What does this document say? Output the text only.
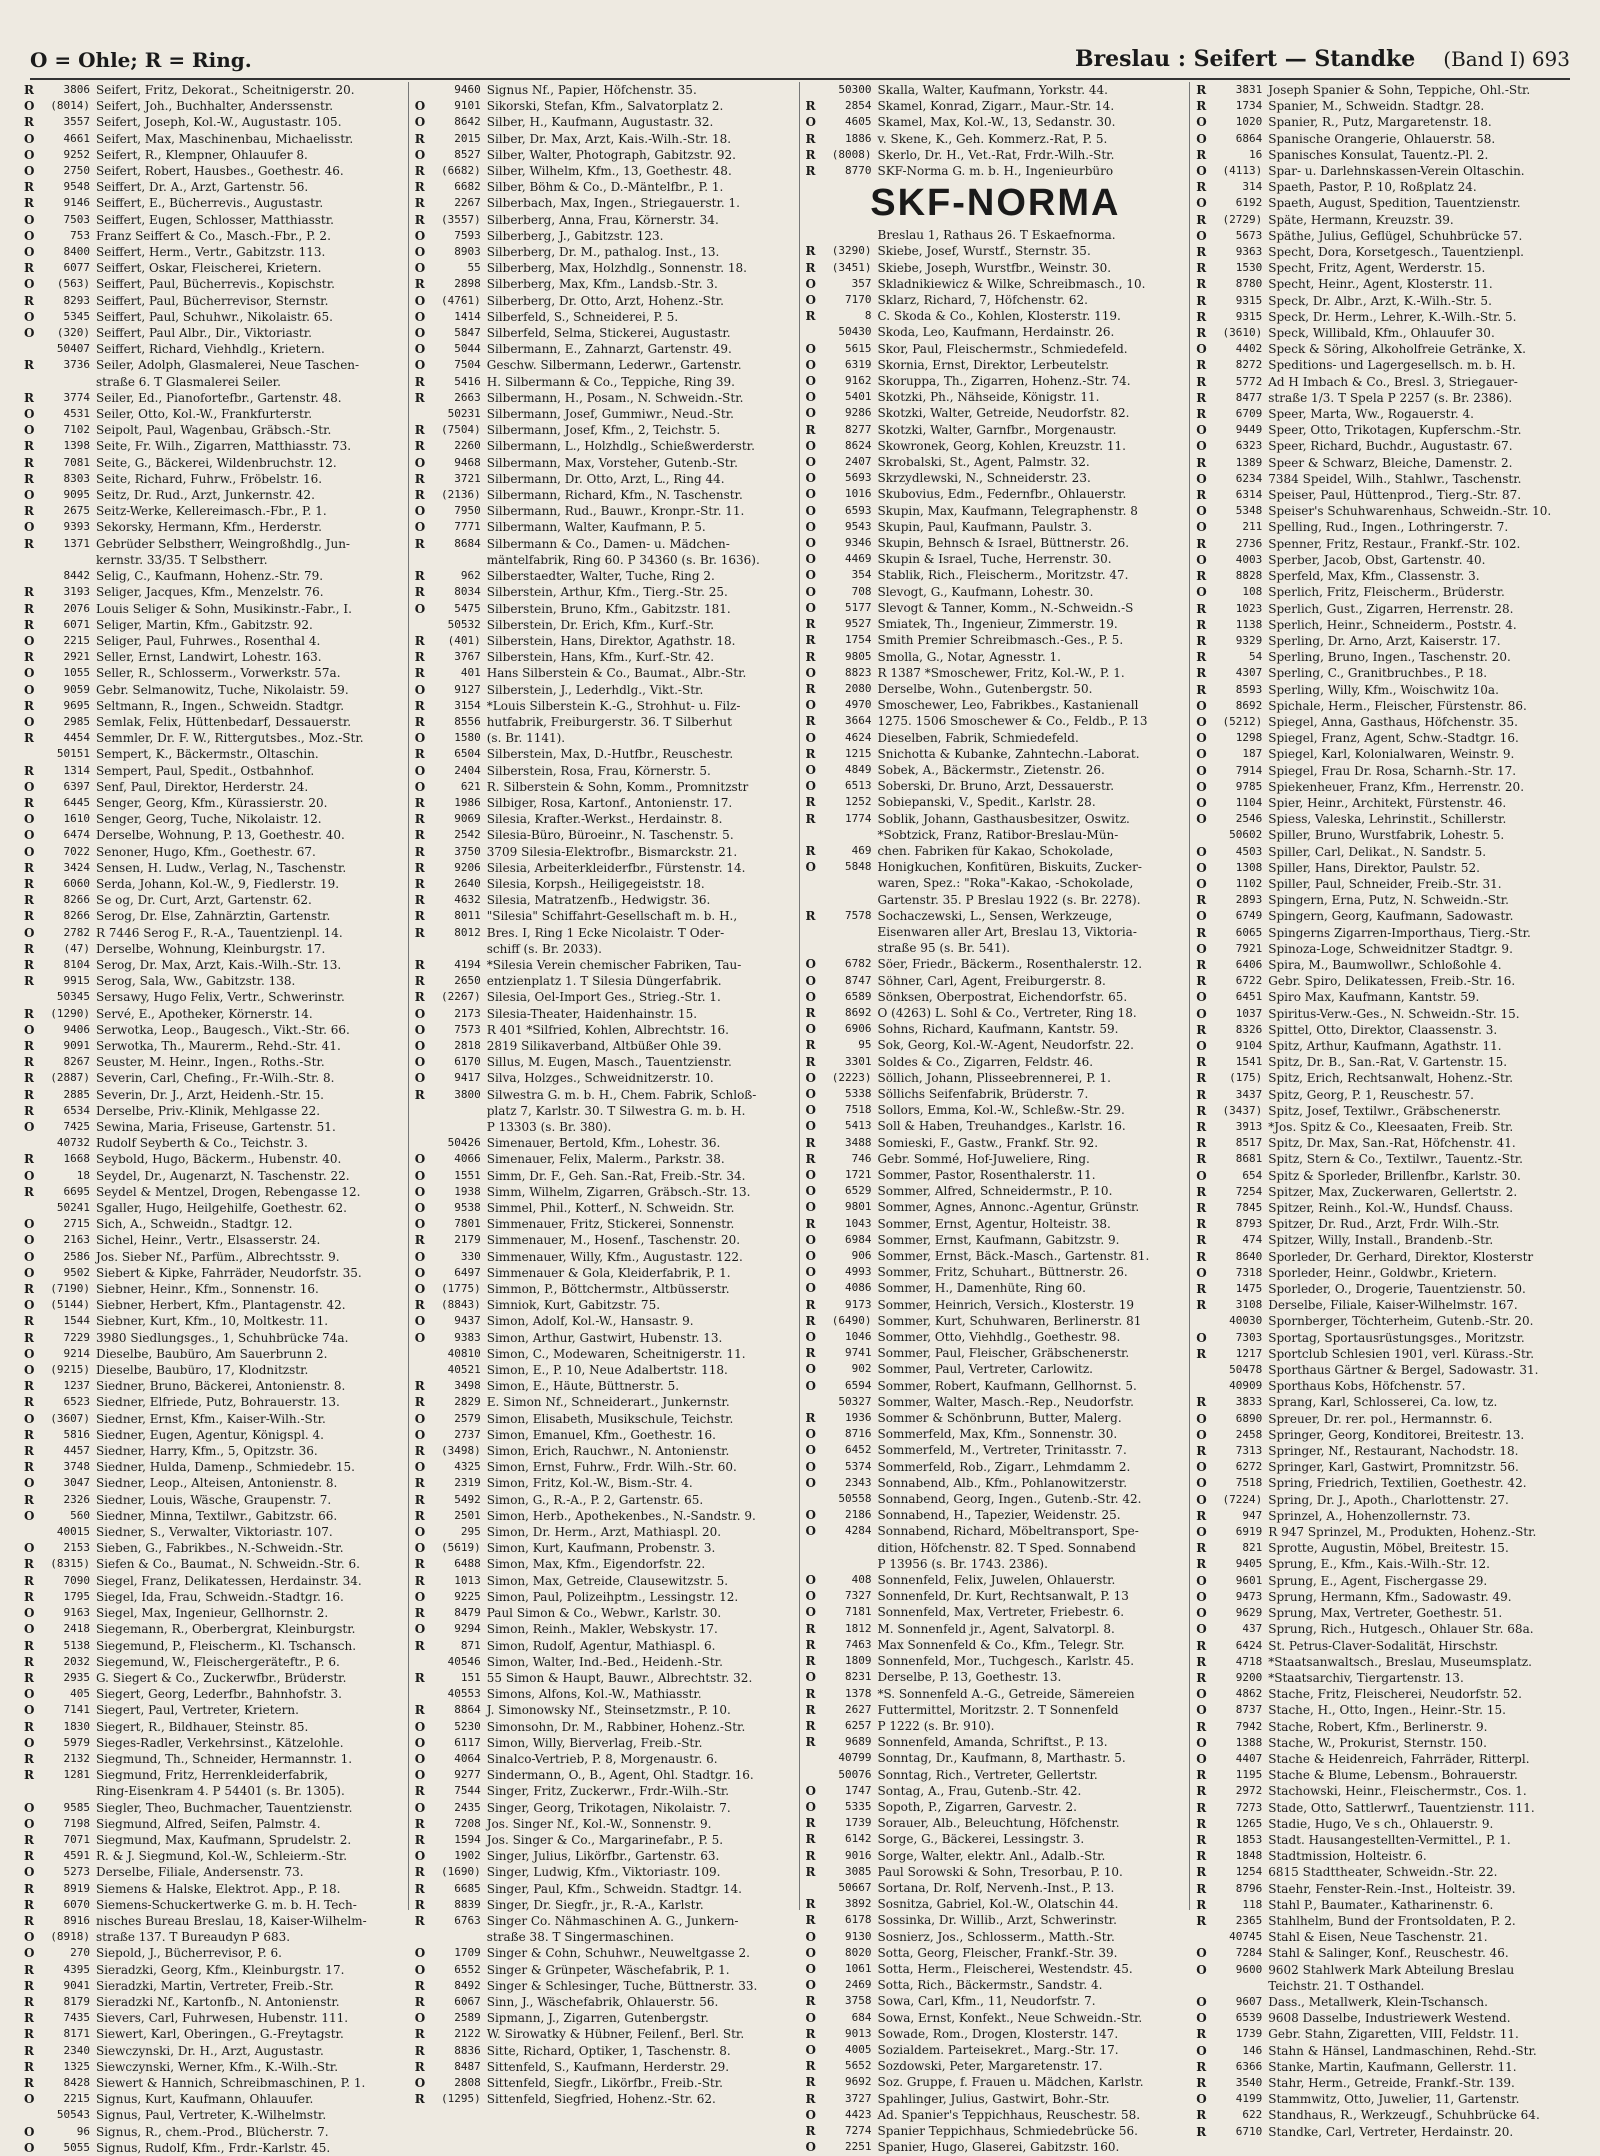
O = Ohle; R = Ring.	Breslau : Seifert — Standke (Band I) 693
R	3806 Seifert, Fritz, Dekorat., Scheitnigerstr. 20.
O	(8014) Seifert, Joh., Buchhalter, Anderssenstr.
R	3557 Seifert, Joseph, Kol.-W., Augustastr. 105.
O	4661 Seifert, Max, Maschinenbau, Michaelisstr.
O	9252 Seifert, R., Klempner, Ohlauufer 8.
O	2750 Seifert, Robert, Hausbes., Goethestr. 46.
R	9548 Seiffert, Dr. A., Arzt, Gartenstr. 56.
R	9146 Seiffert, E., Bücherrevis., Augustastr.
O	7503 Seiffert, Eugen, Schlosser, Matthiasstr.
O	753 Franz Seiffert & Co., Masch.-Fbr., P. 2.
O	8400 Seiffert, Herm., Vertr., Gabitzstr. 113.
R	6077 Seiffert, Oskar, Fleischerei, Krietern.
O	(563) Seiffert, Paul, Bücherrevis., Kopischstr.
R	8293 Seiffert, Paul, Bücherrevisor, Sternstr.
O	5345 Seiffert, Paul, Schuhwr., Nikolaistr. 65.
O	(320) Seiffert, Paul Albr., Dir., Viktoriastr.
50407 Seiffert, Richard, Viehhdlg., Krietern.
R	3736 Seiler, Adolph, Glasmalerei, Neue Taschen-
straße 6. T Glasmalerei Seiler.
R	3774 Seiler, Ed., Pianofortefbr., Gartenstr. 48.
O	4531 Seiler, Otto, Kol.-W., Frankfurterstr.
O	7102 Seipolt, Paul, Wagenbau, Gräbsch.-Str.
R	1398 Seite, Fr. Wilh., Zigarren, Matthiasstr. 73.
R	7081 Seite, G., Bäckerei, Wildenbruchstr. 12.
R	8303 Seite, Richard, Fuhrw., Fröbelstr. 16.
O	9095 Seitz, Dr. Rud., Arzt, Junkernstr. 42.
R	2675 Seitz-Werke, Kellereimasch.-Fbr., P. 1.
O	9393 Sekorsky, Hermann, Kfm., Herderstr.
R	1371 Gebrüder Selbstherr, Weingroßhdlg., Jun-
kernstr. 33/35. T Selbstherr.
8442 Selig, C., Kaufmann, Hohenz.-Str. 79.
R	3193 Seliger, Jacques, Kfm., Menzelstr. 76.
R	2076 Louis Seliger & Sohn, Musikinstr.-Fabr., I.
R	6071 Seliger, Martin, Kfm., Gabitzstr. 92.
O	2215 Seliger, Paul, Fuhrwes., Rosenthal 4.
R	2921 Seller, Ernst, Landwirt, Lohestr. 163.
O	1055 Seller, R., Schlosserm., Vorwerkstr. 57a.
O	9059 Gebr. Selmanowitz, Tuche, Nikolaistr. 59.
R	9695 Seltmann, R., Ingen., Schweidn. Stadtgr.
O	2985 Semlak, Felix, Hüttenbedarf, Dessauerstr.
R	4454 Semmler, Dr. F. W., Rittergutsbes., Moz.-Str.
50151 Sempert, K., Bäckermstr., Oltaschin.
R	1314 Sempert, Paul, Spedit., Ostbahnhof.
O	6397 Senf, Paul, Direktor, Herderstr. 24.
R	6445 Senger, Georg, Kfm., Kürassierstr. 20.
O	1610 Senger, Georg, Tuche, Nikolaistr. 12.
O	6474 Derselbe, Wohnung, P. 13, Goethestr. 40.
O	7022 Senoner, Hugo, Kfm., Goethestr. 67.
R	3424 Sensen, H. Ludw., Verlag, N., Taschenstr.
R	6060 Serda, Johann, Kol.-W., 9, Fiedlerstr. 19.
R	8266 Se og, Dr. Curt, Arzt, Gartenstr. 62.
R	8266 Serog, Dr. Else, Zahnärztin, Gartenstr.
O	2782 R 7446 Serog F., R.-A., Tauentzienpl. 14.
R	(47) Derselbe, Wohnung, Kleinburgstr. 17.
R	8104 Serog, Dr. Max, Arzt, Kais.-Wilh.-Str. 13.
R	9915 Serog, Sala, Ww., Gabitzstr. 138.
50345 Sersawy, Hugo Felix, Vertr., Schwerinstr.
R	(1290) Servé, E., Apotheker, Körnerstr. 14.
O	9406 Serwotka, Leop., Baugesch., Vikt.-Str. 66.
R	9091 Serwotka, Th., Maurerm., Rehd.-Str. 41.
R	8267 Seuster, M. Heinr., Ingen., Roths.-Str.
R	(2887) Severin, Carl, Chefing., Fr.-Wilh.-Str. 8.
R	2885 Severin, Dr. J., Arzt, Heidenh.-Str. 15.
R	6534 Derselbe, Priv.-Klinik, Mehlgasse 22.
O	7425 Sewina, Maria, Friseuse, Gartenstr. 51.
40732 Rudolf Seyberth & Co., Teichstr. 3.
R	1668 Seybold, Hugo, Bäckerm., Hubenstr. 40.
O	18 Seydel, Dr., Augenarzt, N. Taschenstr. 22.
R	6695 Seydel & Mentzel, Drogen, Rebengasse 12.
50241 Sgaller, Hugo, Heilgehilfe, Goethestr. 62.
O	2715 Sich, A., Schweidn., Stadtgr. 12.
O	2163 Sichel, Heinr., Vertr., Elsasserstr. 24.
O	2586 Jos. Sieber Nf., Parfüm., Albrechtsstr. 9.
O	9502 Siebert & Kipke, Fahrräder, Neudorfstr. 35.
R	(7190) Siebner, Heinr., Kfm., Sonnenstr. 16.
O	(5144) Siebner, Herbert, Kfm., Plantagenstr. 42.
R	1544 Siebner, Kurt, Kfm., 10, Moltkestr. 11.
R	7229 3980 Siedlungsges., 1, Schuhbrücke 74a.
O	9214 Dieselbe, Baubüro, Am Sauerbrunn 2.
O	(9215) Dieselbe, Baubüro, 17, Klodnitzstr.
R	1237 Siedner, Bruno, Bäckerei, Antonienstr. 8.
R	6523 Siedner, Elfriede, Putz, Bohrauerstr. 13.
O	(3607) Siedner, Ernst, Kfm., Kaiser-Wilh.-Str.
R	5816 Siedner, Eugen, Agentur, Königspl. 4.
R	4457 Siedner, Harry, Kfm., 5, Opitzstr. 36.
R	3748 Siedner, Hulda, Damenp., Schmiedebr. 15.
O	3047 Siedner, Leop., Alteisen, Antonienstr. 8.
R	2326 Siedner, Louis, Wäsche, Graupenstr. 7.
O	560 Siedner, Minna, Textilwr., Gabitzstr. 66.
40015 Siedner, S., Verwalter, Viktoriastr. 107.
O	2153 Sieben, G., Fabrikbes., N.-Schweidn.-Str.
R	(8315) Siefen & Co., Baumat., N. Schweidn.-Str. 6.
R	7090 Siegel, Franz, Delikatessen, Herdainstr. 34.
R	1795 Siegel, Ida, Frau, Schweidn.-Stadtgr. 16.
O	9163 Siegel, Max, Ingenieur, Gellhornstr. 2.
O	2418 Siegemann, R., Oberbergrat, Kleinburgstr.
R	5138 Siegemund, P., Fleischerm., Kl. Tschansch.
R	2032 Siegemund, W., Fleischergeräteftr., P. 6.
R	2935 G. Siegert & Co., Zuckerwfbr., Brüderstr.
O	405 Siegert, Georg, Lederfbr., Bahnhofstr. 3.
O	7141 Siegert, Paul, Vertreter, Krietern.
R	1830 Siegert, R., Bildhauer, Steinstr. 85.
O	5979 Sieges-Radler, Verkehrsinst., Kätzelohle.
R	2132 Siegmund, Th., Schneider, Hermannstr. 1.
R	1281 Siegmund, Fritz, Herrenkleiderfabrik,
Ring-Eisenkram 4. P 54401 (s. Br. 1305).
O	9585 Siegler, Theo, Buchmacher, Tauentzienstr.
O	7198 Siegmund, Alfred, Seifen, Palmstr. 4.
R	7071 Siegmund, Max, Kaufmann, Sprudelstr. 2.
R	4591 R. & J. Siegmund, Kol.-W., Schleierm.-Str.
O	5273 Derselbe, Filiale, Andersenstr. 73.
R	8919 Siemens & Halske, Elektrot. App., P. 18.
R	6070 Siemens-Schuckertwerke G. m. b. H. Tech-
R	8916 nisches Bureau Breslau, 18, Kaiser-Wilhelm-
O	(8918) straße 137. T Bureaudyn P 683.
O	270 Siepold, J., Bücherrevisor, P. 6.
R	4395 Sieradzki, Georg, Kfm., Kleinburgstr. 17.
R	9041 Sieradzki, Martin, Vertreter, Freib.-Str.
R	8179 Sieradzki Nf., Kartonfb., N. Antonienstr.
R	7435 Sievers, Carl, Fuhrwesen, Hubenstr. 111.
R	8171 Siewert, Karl, Oberingen., G.-Freytagstr.
R	2340 Siewczynski, Dr. H., Arzt, Augustastr.
R	1325 Siewczynski, Werner, Kfm., K.-Wilh.-Str.
R	8428 Siewert & Hannich, Schreibmaschinen, P. 1.
O	2215 Signus, Kurt, Kaufmann, Ohlauufer.
50543 Signus, Paul, Vertreter, K.-Wilhelmstr.
O	96 Signus, R., chem.-Prod., Blücherstr. 7.
O	5055 Signus, Rudolf, Kfm., Frdr.-Karlstr. 45.
9460 Signus Nf., Papier, Höfchenstr. 35.
O	9101 Sikorski, Stefan, Kfm., Salvatorplatz 2.
O	8642 Silber, H., Kaufmann, Augustastr. 32.
R	2015 Silber, Dr. Max, Arzt, Kais.-Wilh.-Str. 18.
O	8527 Silber, Walter, Photograph, Gabitzstr. 92.
R	(6682) Silber, Wilhelm, Kfm., 13, Goethestr. 48.
R	6682 Silber, Böhm & Co., D.-Mäntelfbr., P. 1.
R	2267 Silberbach, Max, Ingen., Striegauerstr. 1.
R	(3557) Silberberg, Anna, Frau, Körnerstr. 34.
O	7593 Silberberg, J., Gabitzstr. 123.
O	8903 Silberberg, Dr. M., pathalog. Inst., 13.
O	55 Silberberg, Max, Holzhdlg., Sonnenstr. 18.
R	2898 Silberberg, Max, Kfm., Landsb.-Str. 3.
O	(4761) Silberberg, Dr. Otto, Arzt, Hohenz.-Str.
O	1414 Silberfeld, S., Schneiderei, P. 5.
O	5847 Silberfeld, Selma, Stickerei, Augustastr.
O	5044 Silbermann, E., Zahnarzt, Gartenstr. 49.
O	7504 Geschw. Silbermann, Lederwr., Gartenstr.
R	5416 H. Silbermann & Co., Teppiche, Ring 39.
R	2663 Silbermann, H., Posam., N. Schweidn.-Str.
50231 Silbermann, Josef, Gummiwr., Neud.-Str.
R	(7504) Silbermann, Josef, Kfm., 2, Teichstr. 5.
R	2260 Silbermann, L., Holzhdlg., Schießwerderstr.
O	9468 Silbermann, Max, Vorsteher, Gutenb.-Str.
R	3721 Silbermann, Dr. Otto, Arzt, L., Ring 44.
R	(2136) Silbermann, Richard, Kfm., N. Taschenstr.
O	7950 Silbermann, Rud., Bauwr., Kronpr.-Str. 11.
O	7771 Silbermann, Walter, Kaufmann, P. 5.
R	8684 Silbermann & Co., Damen- u. Mädchen-
mäntelfabrik, Ring 60. P 34360 (s. Br. 1636).
R	962 Silberstaedter, Walter, Tuche, Ring 2.
R	8034 Silberstein, Arthur, Kfm., Tierg.-Str. 25.
O	5475 Silberstein, Bruno, Kfm., Gabitzstr. 181.
50532 Silberstein, Dr. Erich, Kfm., Kurf.-Str.
R	(401) Silberstein, Hans, Direktor, Agathstr. 18.
R	3767 Silberstein, Hans, Kfm., Kurf.-Str. 42.
R	401 Hans Silberstein & Co., Baumat., Albr.-Str.
O	9127 Silberstein, J., Lederhdlg., Vikt.-Str.
R	3154 *Louis Silberstein K.-G., Strohhut- u. Filz-
R	8556 hutfabrik, Freiburgerstr. 36. T Silberhut
O	1580 (s. Br. 1141).
R	6504 Silberstein, Max, D.-Hutfbr., Reuschestr.
O	2404 Silberstein, Rosa, Frau, Körnerstr. 5.
O	621 R. Silberstein & Sohn, Komm., Promnitzstr
R	1986 Silbiger, Rosa, Kartonf., Antonienstr. 17.
R	9069 Silesia, Krafter.-Werkst., Herdainstr. 8.
R	2542 Silesia-Büro, Büroeinr., N. Taschenstr. 5.
R	3750 3709 Silesia-Elektrofbr., Bismarckstr. 21.
R	9206 Silesia, Arbeiterkleiderfbr., Fürstenstr. 14.
R	2640 Silesia, Korpsh., Heiligegeiststr. 18.
R	4632 Silesia, Matratzenfb., Hedwigstr. 36.
R	8011 "Silesia" Schiffahrt-Gesellschaft m. b. H.,
R	8012 Bres. I, Ring 1 Ecke Nicolaistr. T Oder-
schiff (s. Br. 2033).
R	4194 *Silesia Verein chemischer Fabriken, Tau-
R	2650 entzienplatz 1. T Silesia Düngerfabrik.
R	(2267) Silesia, Oel-Import Ges., Strieg.-Str. 1.
O	2173 Silesia-Theater, Haidenhainstr. 15.
O	7573 R 401 *Silfried, Kohlen, Albrechtstr. 16.
O	2818 2819 Silikaverband, Altbüßer Ohle 39.
O	6170 Sillus, M. Eugen, Masch., Tauentzienstr.
O	9417 Silva, Holzges., Schweidnitzerstr. 10.
R	3800 Silwestra G. m. b. H., Chem. Fabrik, Schloß-
platz 7, Karlstr. 30. T Silwestra G. m. b. H.
P 13303 (s. Br. 380).
50426 Simenauer, Bertold, Kfm., Lohestr. 36.
O	4066 Simenauer, Felix, Malerm., Parkstr. 38.
O	1551 Simm, Dr. F., Geh. San.-Rat, Freib.-Str. 34.
O	1938 Simm, Wilhelm, Zigarren, Gräbsch.-Str. 13.
O	9538 Simmel, Phil., Kotterf., N. Schweidn. Str.
O	7801 Simmenauer, Fritz, Stickerei, Sonnenstr.
R	2179 Simmenauer, M., Hosenf., Taschenstr. 20.
O	330 Simmenauer, Willy, Kfm., Augustastr. 122.
O	6497 Simmenauer & Gola, Kleiderfabrik, P. 1.
O	(1775) Simmon, P., Böttchermstr., Altbüsserstr.
R	(8843) Simniok, Kurt, Gabitzstr. 75.
O	9437 Simon, Adolf, Kol.-W., Hansastr. 9.
O	9383 Simon, Arthur, Gastwirt, Hubenstr. 13.
40810 Simon, C., Modewaren, Scheitnigerstr. 11.
40521 Simon, E., P. 10, Neue Adalbertstr. 118.
R	3498 Simon, E., Häute, Büttnerstr. 5.
R	2829 E. Simon Nf., Schneiderart., Junkernstr.
O	2579 Simon, Elisabeth, Musikschule, Teichstr.
O	2737 Simon, Emanuel, Kfm., Goethestr. 16.
R	(3498) Simon, Erich, Rauchwr., N. Antonienstr.
O	4325 Simon, Ernst, Fuhrw., Frdr. Wilh.-Str. 60.
R	2319 Simon, Fritz, Kol.-W., Bism.-Str. 4.
R	5492 Simon, G., R.-A., P. 2, Gartenstr. 65.
R	2501 Simon, Herb., Apothekenbes., N.-Sandstr. 9.
O	295 Simon, Dr. Herm., Arzt, Mathiaspl. 20.
O	(5619) Simon, Kurt, Kaufmann, Probenstr. 3.
R	6488 Simon, Max, Kfm., Eigendorfstr. 22.
R	1013 Simon, Max, Getreide, Clausewitzstr. 5.
O	9225 Simon, Paul, Polizeihptm., Lessingstr. 12.
R	8479 Paul Simon & Co., Webwr., Karlstr. 30.
O	9294 Simon, Reinh., Makler, Webskystr. 17.
R	871 Simon, Rudolf, Agentur, Mathiaspl. 6.
40546 Simon, Walter, Ind.-Bed., Heidenh.-Str.
R	151 55 Simon & Haupt, Bauwr., Albrechtstr. 32.
40553 Simons, Alfons, Kol.-W., Mathiasstr.
R	8864 J. Simonowsky Nf., Steinsetzmstr., P. 10.
O	5230 Simonsohn, Dr. M., Rabbiner, Hohenz.-Str.
O	6117 Simon, Willy, Bierverlag, Freib.-Str.
O	4064 Sinalco-Vertrieb, P. 8, Morgenaustr. 6.
O	9277 Sindermann, O., B., Agent, Ohl. Stadtgr. 16.
R	7544 Singer, Fritz, Zuckerwr., Frdr.-Wilh.-Str.
O	2435 Singer, Georg, Trikotagen, Nikolaistr. 7.
R	7208 Jos. Singer Nf., Kol.-W., Sonnenstr. 9.
R	1594 Jos. Singer & Co., Margarinefabr., P. 5.
O	1902 Singer, Julius, Likörfbr., Gartenstr. 63.
R	(1690) Singer, Ludwig, Kfm., Viktoriastr. 109.
R	6685 Singer, Paul, Kfm., Schweidn. Stadtgr. 14.
R	8839 Singer, Dr. Siegfr., jr., R.-A., Karlstr.
R	6763 Singer Co. Nähmaschinen A. G., Junkern-
straße 38. T Singermaschinen.
O	1709 Singer & Cohn, Schuhwr., Neuweltgasse 2.
O	6552 Singer & Grünpeter, Wäschefabrik, P. 1.
R	8492 Singer & Schlesinger, Tuche, Büttnerstr. 33.
R	6067 Sinn, J., Wäschefabrik, Ohlauerstr. 56.
O	2589 Sipmann, J., Zigarren, Gutenbergstr.
R	2122 W. Sirowatky & Hübner, Feilenf., Berl. Str.
R	8836 Sitte, Richard, Optiker, 1, Taschenstr. 8.
R	8487 Sittenfeld, S., Kaufmann, Herderstr. 29.
O	2808 Sittenfeld, Siegfr., Likörfbr., Freib.-Str.
R	(1295) Sittenfeld, Siegfried, Hohenz.-Str. 62.
50300 Skalla, Walter, Kaufmann, Yorkstr. 44.
R	2854 Skamel, Konrad, Zigarr., Maur.-Str. 14.
O	4605 Skamel, Max, Kol.-W., 13, Sedanstr. 30.
R	1886 v. Skene, K., Geh. Kommerz.-Rat, P. 5.
R	(8008) Skerlo, Dr. H., Vet.-Rat, Frdr.-Wilh.-Str.
R	8770 SKF-Norma G. m. b. H., Ingenieurbüro
SKF-NORMA
Breslau 1, Rathaus 26. T Eskaefnorma.
R	(3290) Skiebe, Josef, Wurstf., Sternstr. 35.
R	(3451) Skiebe, Joseph, Wurstfbr., Weinstr. 30.
O	357 Skladnikiewicz & Wilke, Schreibmasch., 10.
O	7170 Sklarz, Richard, 7, Höfchenstr. 62.
R	8 C. Skoda & Co., Kohlen, Klosterstr. 119.
50430 Skoda, Leo, Kaufmann, Herdainstr. 26.
O	5615 Skor, Paul, Fleischermstr., Schmiedefeld.
O	6319 Skornia, Ernst, Direktor, Lerbeutelstr.
O	9162 Skoruppa, Th., Zigarren, Hohenz.-Str. 74.
O	5401 Skotzki, Ph., Nähseide, Königstr. 11.
O	9286 Skotzki, Walter, Getreide, Neudorfstr. 82.
R	8277 Skotzki, Walter, Garnfbr., Morgenaustr.
O	8624 Skowronek, Georg, Kohlen, Kreuzstr. 11.
O	2407 Skrobalski, St., Agent, Palmstr. 32.
O	5693 Skrzydlewski, N., Schneiderstr. 23.
O	1016 Skubovius, Edm., Federnfbr., Ohlauerstr.
O	6593 Skupin, Max, Kaufmann, Telegraphenstr. 8
O	9543 Skupin, Paul, Kaufmann, Paulstr. 3.
O	9346 Skupin, Behnsch & Israel, Büttnerstr. 26.
O	4469 Skupin & Israel, Tuche, Herrenstr. 30.
O	354 Stablik, Rich., Fleischerm., Moritzstr. 47.
O	708 Slevogt, G., Kaufmann, Lohestr. 30.
O	5177 Slevogt & Tanner, Komm., N.-Schweidn.-S
R	9527 Smiatek, Th., Ingenieur, Zimmerstr. 19.
R	1754 Smith Premier Schreibmasch.-Ges., P. 5.
R	9805 Smolla, G., Notar, Agnesstr. 1.
O	8823 R 1387 *Smoschewer, Fritz, Kol.-W., P. 1.
R	2080 Derselbe, Wohn., Gutenbergstr. 50.
O	4970 Smoschewer, Leo, Fabrikbes., Kastanienall
R	3664 1275. 1506 Smoschewer & Co., Feldb., P. 13
O	4624 Dieselben, Fabrik, Schmiedefeld.
R	1215 Snichotta & Kubanke, Zahntechn.-Laborat.
O	4849 Sobek, A., Bäckermstr., Zietenstr. 26.
O	6513 Soberski, Dr. Bruno, Arzt, Dessauerstr.
R	1252 Sobiepanski, V., Spedit., Karlstr. 28.
R	1774 Soblik, Johann, Gasthausbesitzer, Oswitz.
*Sobtzick, Franz, Ratibor-Breslau-Mün-
R	469 chen. Fabriken für Kakao, Schokolade,
O	5848 Honigkuchen, Konfitüren, Biskuits, Zucker-
waren, Spez.: "Roka"-Kakao, -Schokolade,
Gartenstr. 35. P Breslau 1922 (s. Br. 2278).
R	7578 Sochaczewski, L., Sensen, Werkzeuge,
Eisenwaren aller Art, Breslau 13, Viktoria-
straße 95 (s. Br. 541).
O	6782 Söer, Friedr., Bäckerm., Rosenthalerstr. 12.
O	8747 Söhner, Carl, Agent, Freiburgerstr. 8.
O	6589 Sönksen, Oberpostrat, Eichendorfstr. 65.
R	8692 O (4263) L. Sohl & Co., Vertreter, Ring 18.
O	6906 Sohns, Richard, Kaufmann, Kantstr. 59.
R	95 Sok, Georg, Kol.-W.-Agent, Neudorfstr. 22.
R	3301 Soldes & Co., Zigarren, Feldstr. 46.
O	(2223) Söllich, Johann, Plisseebrennerei, P. 1.
O	5338 Söllichs Seifenfabrik, Brüderstr. 7.
O	7518 Sollors, Emma, Kol.-W., Schleßw.-Str. 29.
O	5413 Soll & Haben, Treuhandges., Karlstr. 16.
R	3488 Somieski, F., Gastw., Frankf. Str. 92.
R	746 Gebr. Sommé, Hof-Juweliere, Ring.
O	1721 Sommer, Pastor, Rosenthalerstr. 11.
O	6529 Sommer, Alfred, Schneidermstr., P. 10.
O	9801 Sommer, Agnes, Annonc.-Agentur, Grünstr.
R	1043 Sommer, Ernst, Agentur, Holteistr. 38.
O	6984 Sommer, Ernst, Kaufmann, Gabitzstr. 9.
O	906 Sommer, Ernst, Bäck.-Masch., Gartenstr. 81.
O	4993 Sommer, Fritz, Schuhart., Büttnerstr. 26.
O	4086 Sommer, H., Damenhüte, Ring 60.
R	9173 Sommer, Heinrich, Versich., Klosterstr. 19
R	(6490) Sommer, Kurt, Schuhwaren, Berlinerstr. 81
O	1046 Sommer, Otto, Viehhdlg., Goethestr. 98.
R	9741 Sommer, Paul, Fleischer, Gräbschenerstr.
O	902 Sommer, Paul, Vertreter, Carlowitz.
O	6594 Sommer, Robert, Kaufmann, Gellhornst. 5.
50327 Sommer, Walter, Masch.-Rep., Neudorfstr.
R	1936 Sommer & Schönbrunn, Butter, Malerg.
O	8716 Sommerfeld, Max, Kfm., Sonnenstr. 30.
O	6452 Sommerfeld, M., Vertreter, Trinitasstr. 7.
O	5374 Sommerfeld, Rob., Zigarr., Lehmdamm 2.
O	2343 Sonnabend, Alb., Kfm., Pohlanowitzerstr.
50558 Sonnabend, Georg, Ingen., Gutenb.-Str. 42.
O	2186 Sonnabend, H., Tapezier, Weidenstr. 25.
O	4284 Sonnabend, Richard, Möbeltransport, Spe-
dition, Höfchenstr. 82. T Sped. Sonnabend
P 13956 (s. Br. 1743. 2386).
O	408 Sonnenfeld, Felix, Juwelen, Ohlauerstr.
O	7327 Sonnenfeld, Dr. Kurt, Rechtsanwalt, P. 13
O	7181 Sonnenfeld, Max, Vertreter, Friebestr. 6.
R	1812 M. Sonnenfeld jr., Agent, Salvatorpl. 8.
R	7463 Max Sonnenfeld & Co., Kfm., Telegr. Str.
R	1809 Sonnenfeld, Mor., Tuchgesch., Karlstr. 45.
O	8231 Derselbe, P. 13, Goethestr. 13.
R	1378 *S. Sonnenfeld A.-G., Getreide, Sämereien
R	2627 Futtermittel, Moritzstr. 2. T Sonnenfeld
R	6257 P 1222 (s. Br. 910).
R	9689 Sonnenfeld, Amanda, Schriftst., P. 13.
40799 Sonntag, Dr., Kaufmann, 8, Marthastr. 5.
50076 Sonntag, Rich., Vertreter, Gellertstr.
O	1747 Sontag, A., Frau, Gutenb.-Str. 42.
O	5335 Sopoth, P., Zigarren, Garvestr. 2.
R	1739 Sorauer, Alb., Beleuchtung, Höfchenstr.
R	6142 Sorge, G., Bäckerei, Lessingstr. 3.
R	9016 Sorge, Walter, elektr. Anl., Adalb.-Str.
R	3085 Paul Sorowski & Sohn, Tresorbau, P. 10.
50667 Sortana, Dr. Rolf, Nervenh.-Inst., P. 13.
R	3892 Sosnitza, Gabriel, Kol.-W., Olatschin 44.
R	6178 Sossinka, Dr. Willib., Arzt, Schwerinstr.
O	9130 Sosnierz, Jos., Schlosserm., Matth.-Str.
O	8020 Sotta, Georg, Fleischer, Frankf.-Str. 39.
O	1061 Sotta, Herm., Fleischerei, Westendstr. 45.
O	2469 Sotta, Rich., Bäckermstr., Sandstr. 4.
R	3758 Sowa, Carl, Kfm., 11, Neudorfstr. 7.
O	684 Sowa, Ernst, Konfekt., Neue Schweidn.-Str.
R	9013 Sowade, Rom., Drogen, Klosterstr. 147.
O	4005 Sozialdem. Parteisekret., Marg.-Str. 17.
R	5652 Sozdowski, Peter, Margaretenstr. 17.
R	9692 Soz. Gruppe, f. Frauen u. Mädchen, Karlstr.
R	3727 Spahlinger, Julius, Gastwirt, Bohr.-Str.
O	4423 Ad. Spanier's Teppichhaus, Reuschestr. 58.
R	7274 Spanier Teppichhaus, Schmiedebrücke 56.
O	2251 Spanier, Hugo, Glaserei, Gabitzstr. 160.
R	3831 Joseph Spanier & Sohn, Teppiche, Ohl.-Str.
R	1734 Spanier, M., Schweidn. Stadtgr. 28.
O	1020 Spanier, R., Putz, Margaretenstr. 18.
O	6864 Spanische Orangerie, Ohlauerstr. 58.
R	16 Spanisches Konsulat, Tauentz.-Pl. 2.
O	(4113) Spar- u. Darlehnskassen-Verein Oltaschin.
R	314 Spaeth, Pastor, P. 10, Roßplatz 24.
O	6192 Spaeth, August, Spedition, Tauentzienstr.
R	(2729) Späte, Hermann, Kreuzstr. 39.
O	5673 Späthe, Julius, Geflügel, Schuhbrücke 57.
R	9363 Specht, Dora, Korsetgesch., Tauentzienpl.
R	1530 Specht, Fritz, Agent, Werderstr. 15.
R	8780 Specht, Heinr., Agent, Klosterstr. 11.
R	9315 Speck, Dr. Albr., Arzt, K.-Wilh.-Str. 5.
R	9315 Speck, Dr. Herm., Lehrer, K.-Wilh.-Str. 5.
R	(3610) Speck, Willibald, Kfm., Ohlauufer 30.
O	4402 Speck & Söring, Alkoholfreie Getränke, X.
R	8272 Speditions- und Lagergesellsch. m. b. H.
R	5772 Ad H Imbach & Co., Bresl. 3, Striegauer-
R	8477 straße 1/3. T Spela P 2257 (s. Br. 2386).
R	6709 Speer, Marta, Ww., Rogauerstr. 4.
O	9449 Speer, Otto, Trikotagen, Kupferschm.-Str.
O	6323 Speer, Richard, Buchdr., Augustastr. 67.
R	1389 Speer & Schwarz, Bleiche, Damenstr. 2.
O	6234 7384 Speidel, Wilh., Stahlwr., Taschenstr.
R	6314 Speiser, Paul, Hüttenprod., Tierg.-Str. 87.
O	5348 Speiser's Schuhwarenhaus, Schweidn.-Str. 10.
O	211 Spelling, Rud., Ingen., Lothringerstr. 7.
R	2736 Spenner, Fritz, Restaur., Frankf.-Str. 102.
O	4003 Sperber, Jacob, Obst, Gartenstr. 40.
R	8828 Sperfeld, Max, Kfm., Classenstr. 3.
O	108 Sperlich, Fritz, Fleischerm., Brüderstr.
R	1023 Sperlich, Gust., Zigarren, Herrenstr. 28.
R	1138 Sperlich, Heinr., Schneiderm., Poststr. 4.
R	9329 Sperling, Dr. Arno, Arzt, Kaiserstr. 17.
R	54 Sperling, Bruno, Ingen., Taschenstr. 20.
R	4307 Sperling, C., Granitbruchbes., P. 18.
R	8593 Sperling, Willy, Kfm., Woischwitz 10a.
O	8692 Spichale, Herm., Fleischer, Fürstenstr. 86.
O	(5212) Spiegel, Anna, Gasthaus, Höfchenstr. 35.
O	1298 Spiegel, Franz, Agent, Schw.-Stadtgr. 16.
O	187 Spiegel, Karl, Kolonialwaren, Weinstr. 9.
O	7914 Spiegel, Frau Dr. Rosa, Scharnh.-Str. 17.
O	9785 Spiekenheuer, Franz, Kfm., Herrenstr. 20.
O	1104 Spier, Heinr., Architekt, Fürstenstr. 46.
O	2546 Spiess, Valeska, Lehrinstit., Schillerstr.
50602 Spiller, Bruno, Wurstfabrik, Lohestr. 5.
O	4503 Spiller, Carl, Delikat., N. Sandstr. 5.
O	1308 Spiller, Hans, Direktor, Paulstr. 52.
O	1102 Spiller, Paul, Schneider, Freib.-Str. 31.
R	2893 Spingern, Erna, Putz, N. Schweidn.-Str.
O	6749 Spingern, Georg, Kaufmann, Sadowastr.
R	6065 Spingerns Zigarren-Importhaus, Tierg.-Str.
O	7921 Spinoza-Loge, Schweidnitzer Stadtgr. 9.
R	6406 Spira, M., Baumwollwr., Schloßohle 4.
R	6722 Gebr. Spiro, Delikatessen, Freib.-Str. 16.
O	6451 Spiro Max, Kaufmann, Kantstr. 59.
O	1037 Spiritus-Verw.-Ges., N. Schweidn.-Str. 15.
R	8326 Spittel, Otto, Direktor, Claassenstr. 3.
O	9104 Spitz, Arthur, Kaufmann, Agathstr. 11.
R	1541 Spitz, Dr. B., San.-Rat, V. Gartenstr. 15.
R	(175) Spitz, Erich, Rechtsanwalt, Hohenz.-Str.
R	3437 Spitz, Georg, P. 1, Reuschestr. 57.
R	(3437) Spitz, Josef, Textilwr., Gräbschenerstr.
R	3913 *Jos. Spitz & Co., Kleesaaten, Freib. Str.
R	8517 Spitz, Dr. Max, San.-Rat, Höfchenstr. 41.
R	8681 Spitz, Stern & Co., Textilwr., Tauentz.-Str.
O	654 Spitz & Sporleder, Brillenfbr., Karlstr. 30.
R	7254 Spitzer, Max, Zuckerwaren, Gellertstr. 2.
R	7845 Spitzer, Reinh., Kol.-W., Hundsf. Chauss.
R	8793 Spitzer, Dr. Rud., Arzt, Frdr. Wilh.-Str.
R	474 Spitzer, Willy, Install., Brandenb.-Str.
R	8640 Sporleder, Dr. Gerhard, Direktor, Klosterstr
O	7318 Sporleder, Heinr., Goldwbr., Krietern.
R	1475 Sporleder, O., Drogerie, Tauentzienstr. 50.
R	3108 Derselbe, Filiale, Kaiser-Wilhelmstr. 167.
40030 Spornberger, Töchterheim, Gutenb.-Str. 20.
O	7303 Sportag, Sportausrüstungsges., Moritzstr.
R	1217 Sportclub Schlesien 1901, verl. Kürass.-Str.
50478 Sporthaus Gärtner & Bergel, Sadowastr. 31.
40909 Sporthaus Kobs, Höfchenstr. 57.
R	3833 Sprang, Karl, Schlosserei, Ca. low, tz.
O	6890 Spreuer, Dr. rer. pol., Hermannstr. 6.
O	2458 Springer, Georg, Konditorei, Breitestr. 13.
R	7313 Springer, Nf., Restaurant, Nachodstr. 18.
O	6272 Springer, Karl, Gastwirt, Promnitzstr. 56.
O	7518 Spring, Friedrich, Textilien, Goethestr. 42.
O	(7224) Spring, Dr. J., Apoth., Charlottenstr. 27.
R	947 Sprinzel, A., Hohenzollernstr. 73.
O	6919 R 947 Sprinzel, M., Produkten, Hohenz.-Str.
R	821 Sprotte, Augustin, Möbel, Breitestr. 15.
R	9405 Sprung, E., Kfm., Kais.-Wilh.-Str. 12.
O	9601 Sprung, E., Agent, Fischergasse 29.
O	9473 Sprung, Hermann, Kfm., Sadowastr. 49.
O	9629 Sprung, Max, Vertreter, Goethestr. 51.
O	437 Sprung, Rich., Hutgesch., Ohlauer Str. 68a.
R	6424 St. Petrus-Claver-Sodalität, Hirschstr.
R	4718 *Staatsanwaltsch., Breslau, Museumsplatz.
R	9200 *Staatsarchiv, Tiergartenstr. 13.
O	4862 Stache, Fritz, Fleischerei, Neudorfstr. 52.
O	8737 Stache, H., Otto, Ingen., Heinr.-Str. 15.
R	7942 Stache, Robert, Kfm., Berlinerstr. 9.
O	1388 Stache, W., Prokurist, Sternstr. 150.
O	4407 Stache & Heidenreich, Fahrräder, Ritterpl.
R	1195 Stache & Blume, Lebensm., Bohrauerstr.
R	2972 Stachowski, Heinr., Fleischermstr., Cos. 1.
R	7273 Stade, Otto, Sattlerwrf., Tauentzienstr. 111.
R	1265 Stadie, Hugo, Ve s ch., Ohlauerstr. 9.
R	1853 Stadt. Hausangestellten-Vermittel., P. 1.
R	1848 Stadtmission, Holteistr. 6.
R	1254 6815 Stadttheater, Schweidn.-Str. 22.
R	8796 Staehr, Fenster-Rein.-Inst., Holteistr. 39.
R	118 Stahl P., Baumater., Katharinenstr. 6.
R	2365 Stahlhelm, Bund der Frontsoldaten, P. 2.
40745 Stahl & Eisen, Neue Taschenstr. 21.
O	7284 Stahl & Salinger, Konf., Reuschestr. 46.
O	9600 9602 Stahlwerk Mark Abteilung Breslau
Teichstr. 21. T Osthandel.
O	9607 Dass., Metallwerk, Klein-Tschansch.
O	6539 9608 Dasselbe, Industriewerk Westend.
R	1739 Gebr. Stahn, Zigaretten, VIII, Feldstr. 11.
O	146 Stahn & Hänsel, Landmaschinen, Rehd.-Str.
R	6366 Stanke, Martin, Kaufmann, Gellerstr. 11.
R	3540 Stahr, Herm., Getreide, Frankf.-Str. 139.
O	4199 Stammwitz, Otto, Juwelier, 11, Gartenstr.
R	622 Standhaus, R., Werkzeugf., Schuhbrücke 64.
R	6710 Standke, Carl, Vertreter, Herdainstr. 20.
